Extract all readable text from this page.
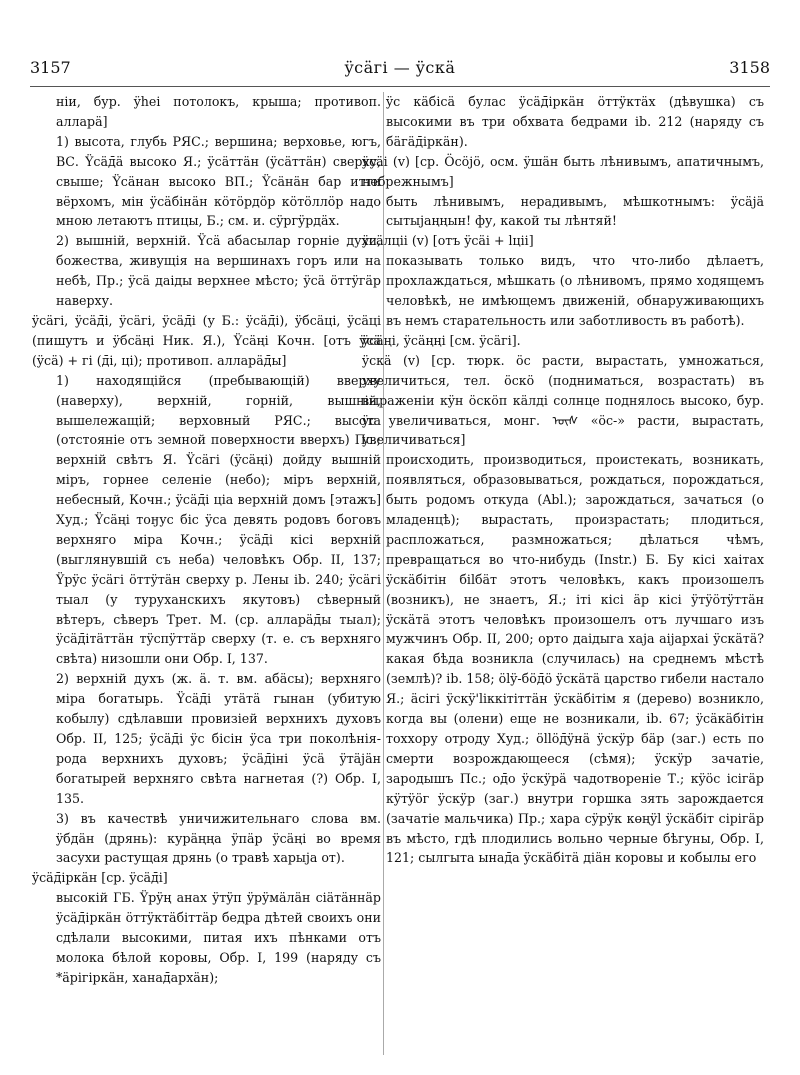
3157	ÿсäгі — ÿскä	3158

ніи, бур. ÿhei потолокъ, крыша; противоп. алларä]

1) высота, глубь РЯС.; вершина; верховье, югъ, ВС. Ÿсäд̄ä высоко Я.; ÿсäттäн (ÿсäттäн) сверху, свыше; Ÿсäнан высоко ВП.; Ÿсäнäн бар итти вёрхомъ, мін ÿсäбiнäн кöтöрдöр кöтöллöр надо мною летаютъ птицы, Б.; см. и. сÿргÿрдäх.

2) вышній, верхній. Ÿсä абасылар горніе духи, божества, живущія на вершинахъ горъ или на небѣ, Пр.; ÿсä даiды верхнее мѣсто; ÿсä öттÿгäр наверху.

ÿсäгi, ÿсäд̄і, ÿсäгі, ÿсäд̄і (у Б.: ÿсäд̄і), ÿбсäці, ÿсäці (пишутъ и ÿбсäңі Ник. Я.), Ÿсäңі Кочн. [отъ ÿсä (ÿсä) + гі (д̄і, ці); противоп. алларäд̄ы]

1) находящійся (пребывающій) вверху (наверху), верхній, горній, вышній, вышележащій; верховный РЯС.; высота (отстояніе отъ земной поверхности вверхъ) Пс.; верхній свѣтъ Я. Ÿсäгi (ÿсäңі) дойду вышній міръ, горнее селеніе (небо); міръ верхній, небесный, Кочн.; ÿсäд̄і ціа верхній домъ [этажъ] Худ.; Ÿсäңі тоӈус біс ÿса девять родовъ боговъ верхняго міра Кочн.; ÿсäд̄і кісі верхній (выглянувшій съ неба) человѣкъ Обр. II, 137; Ÿрÿс ÿсäгi öттÿтäн сверху р. Лены іb. 240; ÿсäгi тыал (у туруханскихъ якутовъ) сѣверный вѣтеръ, сѣверъ Трет. М. (ср. алларäд̄ы тыал); ÿсäд̄ітäттäн тÿспÿттäр сверху (т. е. съ верхняго свѣта) низошли они Обр. I, 137.

2) верхній духъ (ж. ä. т. вм. абäсы); верхняго міра богатырь. Ÿсäд̄і утäтä гынан (убитую кобылу) сдѣлавши провизіей верхнихъ духовъ Обр. II, 125; ÿсäд̄і ÿс біcін ÿса три поколѣнія-рода верхнихъ духовъ; ÿсäд̄іні ÿсä ÿтäjäн богатырей верхняго свѣта нагнетая (?) Обр. I, 135.

3) въ качествѣ уничижительнаго слова вм. ÿбдäн (дрянь): курäңңа ÿпäр ÿсäңі во время засухи растущая дрянь (о травѣ харыjа от).

ÿсäд̄іркäн [ср. ÿсäд̄і]

высокій ГБ. Ÿрÿң анах ÿтÿп ÿрÿмäлäн сіäтäннäр ÿсäд̄іркäн öттÿктäбiттäр бедра дѣтей своихъ они сдѣлали высокими, питая ихъ пѣнками отъ молока бѣлой коровы, Обр. I, 199 (наряду съ *äрiгiркäн, ханад̄архäн);

ÿс кäбісä булас ÿсäд̄іркäн öттÿктäх (дѣвушка) съ высокими въ три обхвата бедрами іb. 212 (наряду съ бäгäд̄іркäн).

ÿсäі (v) [ср. Öсöjö, осм. ÿшäн быть лѣнивымъ, апатичнымъ, небрежнымъ]

быть лѣнивымъ, нерадивымъ, мѣшкотнымъ: ÿсäjä сытыjаңңын! фу, какой ты лѣнтяй!

ÿсäлціі (v) [отъ ÿсäі + lціі]

показывать только видъ, что что-либо дѣлаетъ, прохлаждаться, мѣшкать (о лѣнивомъ, прямо ходящемъ человѣкѣ, не имѣющемъ движеній, обнаруживающихъ въ немъ старательность или заботливость въ работѣ).

ÿсäңі, ÿсäңңі [см. ÿсäгі].

ÿскä (v) [ср. тюрк. öс расти, вырастать, умножаться, увеличиться, тел. öскö (подниматься, возрастать) въ выраженіи кÿн öскöп кäлді солнце поднялось высоко, бур. ÿс увеличиваться, монг. ᠦᠰ «öс-» расти, вырастать, увеличиваться]

происходить, производиться, проистекать, возникать, появляться, образовываться, рождаться, порождаться, быть родомъ откуда (Abl.); зарождаться, зачаться (о младенцѣ); вырастать, произрастать; плодиться, распложаться, размножаться; дѣлаться чѣмъ, превращаться во что-нибудь (Instr.) Б. Бу кісі хаітах ÿскäбiтін біlбäт этотъ человѣкъ, какъ произошелъ (возникъ), не знаетъ, Я.; іті кісі äр кісі ÿтÿöтÿттäн ÿскäтä этотъ человѣкъ произошелъ отъ лучшаго изъ мужчинъ Обр. II, 200; орто даідыга хаjа аіjархаі ÿскäтä? какая бѣда возникла (случилась) на среднемъ мѣстѣ (землѣ)? іb. 158; ölÿ-бöд̄ö ÿскäтä царство гибели настало Я.; äсігі ÿскÿ'lіккітіттäн ÿскäбiтім я (дерево) возникло, когда вы (олени) еще не возникали, іb. 67; ÿсäкäбiтін тоххору отроду Худ.; öllöд̄ÿнä ÿскÿр бäр (заг.) есть по смерти возрождающееся (сѣмя); ÿскÿр зачатіе, зародышъ Пс.; од̄о ÿскÿрä чадотвореніе Т.; кÿöс ісігäр кÿтÿöг ÿскÿр (заг.) внутри горшка зять зарождается (зачатіе мальчика) Пр.; хара сÿрÿк көңÿl ÿскäбіт сірігäр въ мѣсто, гдѣ плодились вольно черные бѣгуны, Обр. I, 121; сылгыта ынад̄а ÿскäбiтä діäн коровы и кобылы его
